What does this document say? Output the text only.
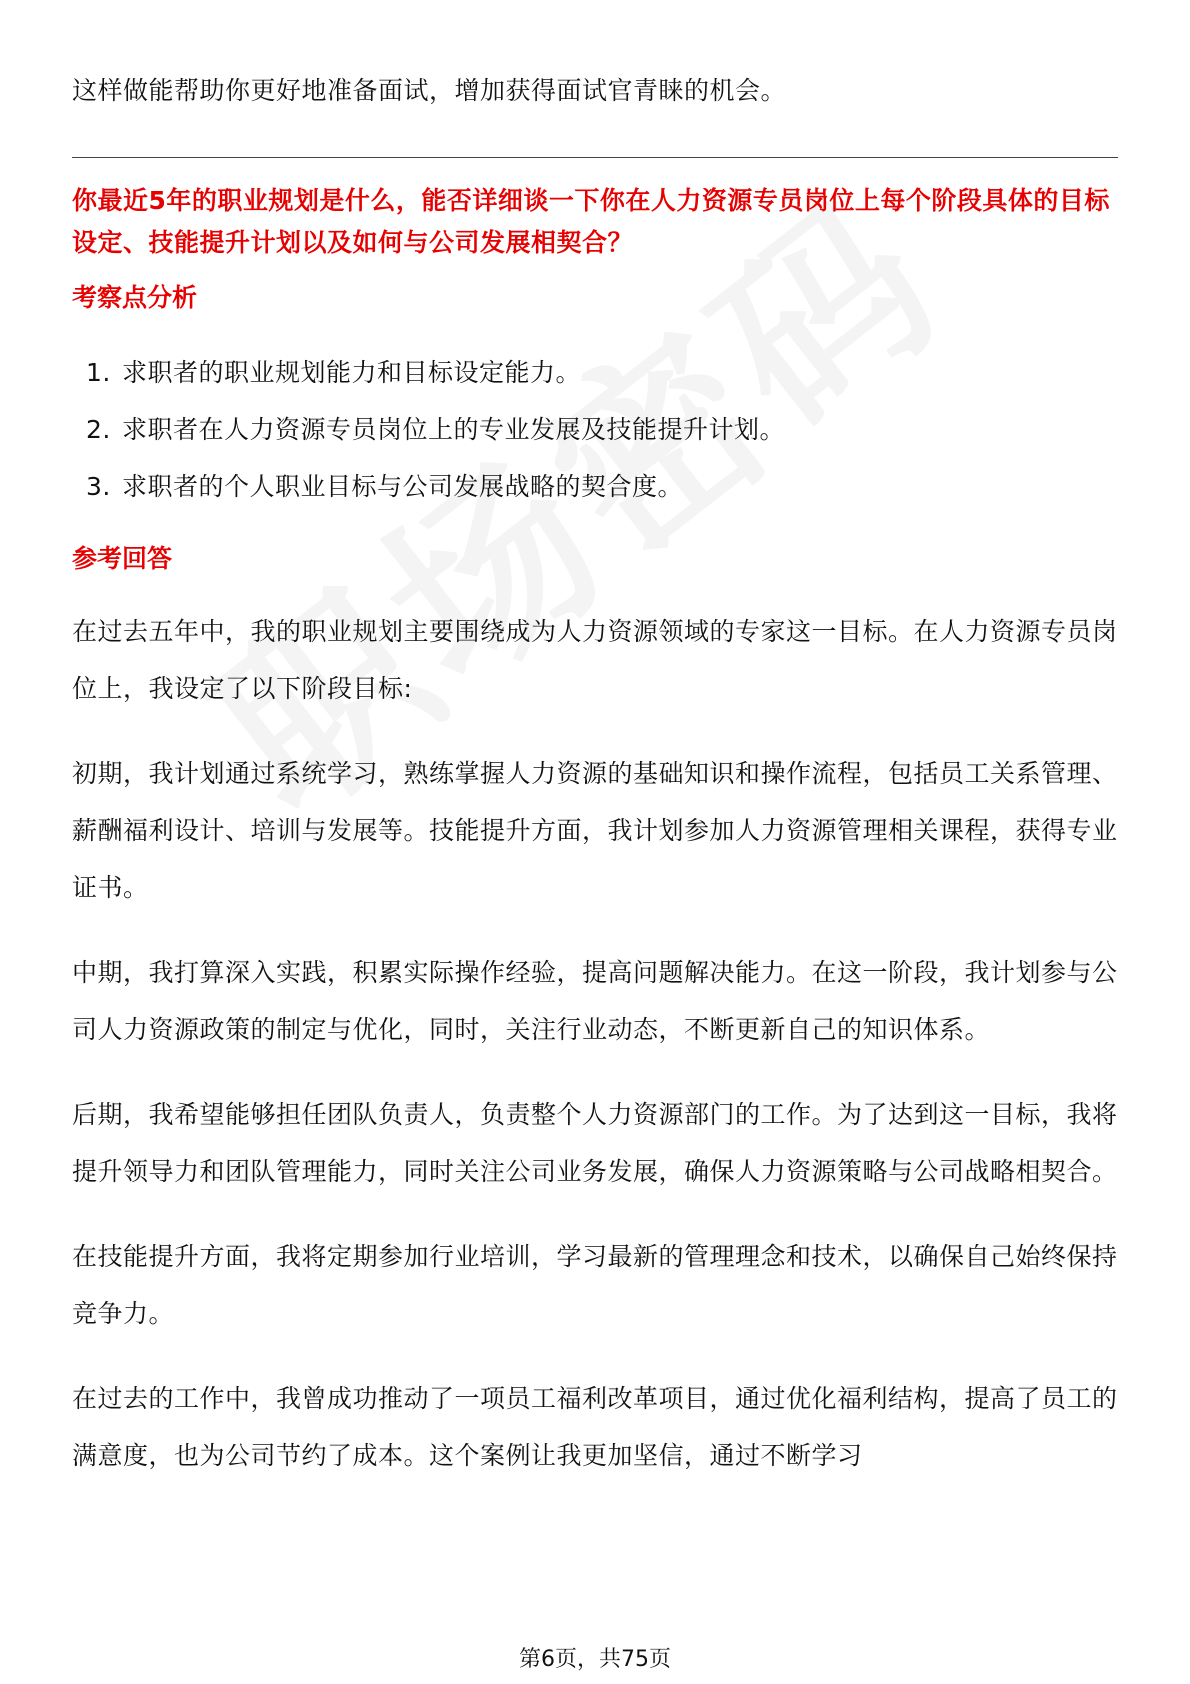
这样做能帮助你更好地准备面试，增加获得面试官青睐的机会。

你最近5年的职业规划是什么，能否详细谈一下你在人力资源专员岗位上每个阶段具体的目标设定、技能提升计划以及如何与公司发展相契合？

考察点分析
1. 求职者的职业规划能力和目标设定能力。
2. 求职者在人力资源专员岗位上的专业发展及技能提升计划。
3. 求职者的个人职业目标与公司发展战略的契合度。
参考回答

在过去五年中，我的职业规划主要围绕成为人力资源领域的专家这一目标。在人力资源专员岗位上，我设定了以下阶段目标:

初期，我计划通过系统学习，熟练掌握人力资源的基础知识和操作流程，包括员工关系管理、薪酬福利设计、培训与发展等。技能提升方面，我计划参加人力资源管理相关课程，获得专业证书。

中期，我打算深入实践，积累实际操作经验，提高问题解决能力。在这一阶段，我计划参与公司人力资源政策的制定与优化，同时，关注行业动态，不断更新自己的知识体系。

后期，我希望能够担任团队负责人，负责整个人力资源部门的工作。为了达到这一目标，我将提升领导力和团队管理能力，同时关注公司业务发展，确保人力资源策略与公司战略相契合。

在技能提升方面，我将定期参加行业培训，学习最新的管理理念和技术，以确保自己始终保持竞争力。

在过去的工作中，我曾成功推动了一项员工福利改革项目，通过优化福利结构，提高了员工的满意度，也为公司节约了成本。这个案例让我更加坚信，通过不断学习

第6页，共75页
